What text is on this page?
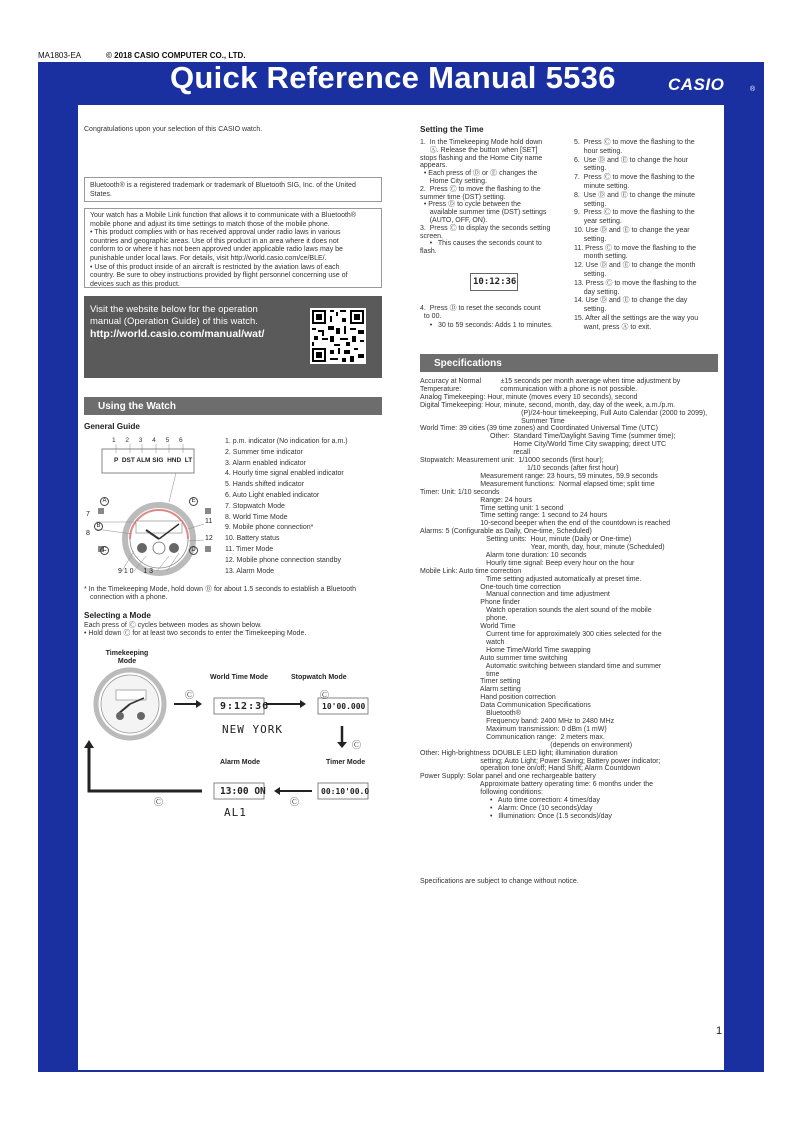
MA1803-EA	© 2018 CASIO COMPUTER CO., LTD.
Quick Reference Manual 5536	CASIO	®
Congratulations upon your selection of this CASIO watch.
Bluetooth® is a registered trademark or trademark of Bluetooth SIG, Inc. of the United
States.
Your watch has a Mobile Link function that allows it to communicate with a Bluetooth®
mobile phone and adjust its time settings to match those of the mobile phone.
• This product complies with or has received approval under radio laws in various
countries and geographic areas. Use of this product in an area where it does not
conform to or where it has not been approved under applicable radio laws may be
punishable under local laws. For details, visit http://world.casio.com/ce/BLE/.
• Use of this product inside of an aircraft is restricted by the aviation laws of each
country. Be sure to obey instructions provided by flight personnel concerning use of
devices such as this product.
Visit the website below for the operation
manual (Operation Guide) of this watch.
http://world.casio.com/manual/wat/
Using the Watch
General Guide
1 2 3 4 5 6
P  DST ALM SIG  HND  LT
7
8
11
12
9 1 0     1 3
A
B
C	D
E
1. p.m. indicator (No indication for a.m.)
2. Summer time indicator
3. Alarm enabled indicator
4. Hourly time signal enabled indicator
5. Hands shifted indicator
6. Auto Light enabled indicator
7. Stopwatch Mode
8. World Time Mode
9. Mobile phone connection*
10. Battery status
11. Timer Mode
12. Mobile phone connection standby
13. Alarm Mode
* In the Timekeeping Mode, hold down Ⓑ for about 1.5 seconds to establish a Bluetooth
connection with a phone.
Selecting a Mode
Each press of Ⓒ cycles between modes as shown below.
• Hold down Ⓒ for at least two seconds to enter the Timekeeping Mode.
Timekeeping
Mode
World Time Mode	Stopwatch Mode
Alarm Mode	Timer Mode
9:12:36
NEW YORK
10'00.000
13:00 ON
AL1
00:10'00.0
Ⓒ	Ⓒ
Ⓒ
Ⓒ
Ⓒ
Setting the Time
1.  In the Timekeeping Mode hold down
Ⓐ. Release the button when [SET]
stops flashing and the Home City name
appears.
• Each press of Ⓓ or Ⓔ changes the
Home City setting.
2.  Press Ⓒ to move the flashing to the
summer time (DST) setting.
• Press Ⓓ to cycle between the
available summer time (DST) settings
(AUTO, OFF, ON).
3.  Press Ⓒ to display the seconds setting
screen.
•   This causes the seconds count to
flash.
10:12:36
4.  Press Ⓓ to reset the seconds count
to 00.
•   30 to 59 seconds: Adds 1 to minutes.
5.  Press Ⓒ to move the flashing to the
hour setting.
6.  Use Ⓓ and Ⓔ to change the hour
setting.
7.  Press Ⓒ to move the flashing to the
minute setting.
8.  Use Ⓓ and Ⓔ to change the minute
setting.
9.  Press Ⓒ to move the flashing to the
year setting.
10. Use Ⓓ and Ⓔ to change the year
setting.
11. Press Ⓒ to move the flashing to the
month setting.
12. Use Ⓓ and Ⓔ to change the month
setting.
13. Press Ⓒ to move the flashing to the
day setting.
14. Use Ⓓ and Ⓔ to change the day
setting.
15. After all the settings are the way you
want, press Ⓐ to exit.
Specifications
Accuracy at Normal          ±15 seconds per month average when time adjustment by
Temperature:                    communication with a phone is not possible.
Analog Timekeeping: Hour, minute (moves every 10 seconds), second
Digital Timekeeping: Hour, minute, second, month, day, day of the week, a.m./p.m.
(P)/24-hour timekeeping, Full Auto Calendar (2000 to 2099),
Summer Time
World Time: 39 cities (39 time zones) and Coordinated Universal Time (UTC)
Other:  Standard Time/Daylight Saving Time (summer time);
Home City/World Time City swapping; direct UTC
recall
Stopwatch: Measurement unit:  1/1000 seconds (first hour);
1/10 seconds (after first hour)
Measurement range: 23 hours, 59 minutes, 59.9 seconds
Measurement functions:  Normal elapsed time; split time
Timer: Unit: 1/10 seconds
Range: 24 hours
Time setting unit: 1 second
Time setting range: 1 second to 24 hours
10-second beeper when the end of the countdown is reached
Alarms: 5 (Configurable as Daily, One-time, Scheduled)
Setting units:  Hour, minute (Daily or One-time)
Year, month, day, hour, minute (Scheduled)
Alarm tone duration: 10 seconds
Hourly time signal: Beep every hour on the hour
Mobile Link: Auto time correction
Time setting adjusted automatically at preset time.
One-touch time correction
Manual connection and time adjustment
Phone finder
Watch operation sounds the alert sound of the mobile
phone.
World Time
Current time for approximately 300 cities selected for the
watch
Home Time/World Time swapping
Auto summer time switching
Automatic switching between standard time and summer
time
Timer setting
Alarm setting
Hand position correction
Data Communication Specifications
Bluetooth®
Frequency band: 2400 MHz to 2480 MHz
Maximum transmission: 0 dBm (1 mW)
Communication range:  2 meters max.
(depends on environment)
Other: High-brightness DOUBLE LED light; illumination duration
setting; Auto Light; Power Saving; Battery power indicator;
operation tone on/off; Hand Shift; Alarm Countdown
Power Supply: Solar panel and one rechargeable battery
Approximate battery operating time: 6 months under the
following conditions:
•   Auto time correction: 4 times/day
•   Alarm: Once (10 seconds)/day
•   Illumination: Once (1.5 seconds)/day
Specifications are subject to change without notice.
1
